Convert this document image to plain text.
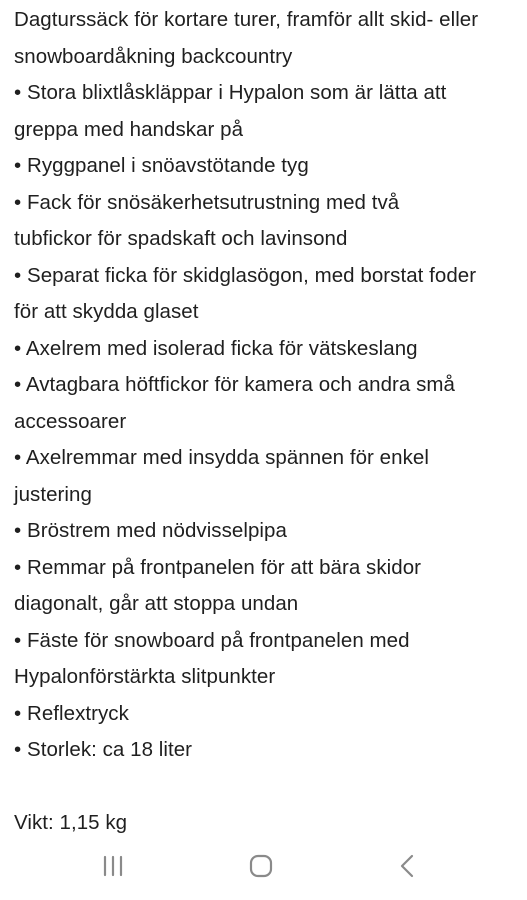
Dagturssäck för kortare turer, framför allt skid- eller
snowboardåkning backcountry
• Stora blixtlåskläppar i Hypalon som är lätta att
greppa med handskar på
• Ryggpanel i snöavstötande tyg
• Fack för snösäkerhetsutrustning med två
tubfickor för spadskaft och lavinsond
• Separat ficka för skidglasögon, med borstat foder
för att skydda glaset
• Axelrem med isolerad ficka för vätskeslang
• Avtagbara höftfickor för kamera och andra små
accessoarer
• Axelremmar med insydda spännen för enkel
justering
• Bröstrem med nödvisselpipa
• Remmar på frontpanelen för att bära skidor
diagonalt, går att stoppa undan
• Fäste för snowboard på frontpanelen med
Hypalonförstärkta slitpunkter
• Reflextryck
• Storlek: ca 18 liter
Vikt: 1,15 kg
